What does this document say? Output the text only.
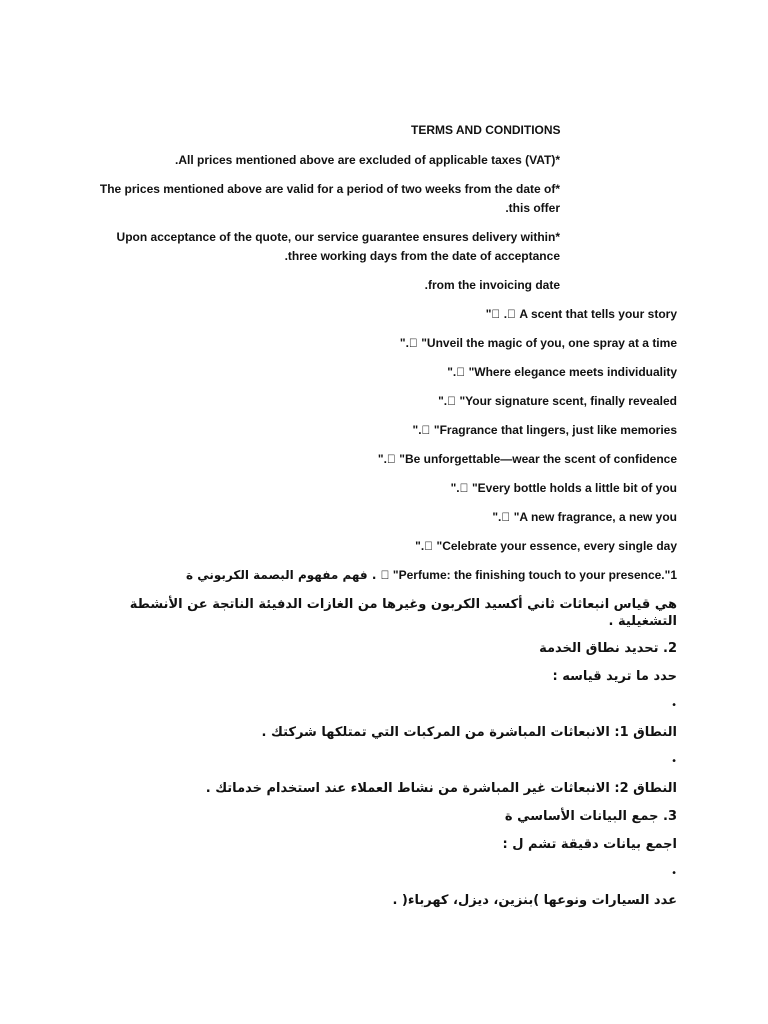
TERMS AND CONDITIONS
.All prices mentioned above are excluded of applicable taxes (VAT)*
The prices mentioned above are valid for a period of two weeks from the date of*
.this offer
Upon acceptance of the quote, our service guarantee ensures delivery within*
.three working days from the date of acceptance
.from the invoicing date
"􏰀 .􏰁 A scent that tells your story
".􏰁 "Unveil the magic of you, one spray at a time
".􏰁 "Where elegance meets individuality
".􏰁 "Your signature scent, finally revealed
".􏰁 "Fragrance that lingers, just like memories
".􏰁 "Be unforgettable—wear the scent of confidence
".􏰁 "Every bottle holds a little bit of you
".􏰁 "A new fragrance, a new you
".􏰁 "Celebrate your essence, every single day
. فهم مفهوم البصمة الكربوني ة 􏰁 "Perfume: the finishing touch to your presence."1
هي قياس انبعاثات ثاني أكسيد الكربون وغيرها من الغازات الدفيئة الناتجة عن الأنشطة التشغيلية .
2. تحديد نطاق الخدمة
حدد ما تريد قياسه :
•
النطاق 1: الانبعاثات المباشرة من المركبات التي تمتلكها شركتك .
•
النطاق 2: الانبعاثات غير المباشرة من نشاط العملاء عند استخدام خدماتك .
3. جمع البيانات الأساسي ة
اجمع بيانات دقيقة تشم ل :
•
عدد السيارات ونوعها )بنزين، ديزل، كهرباء( .
